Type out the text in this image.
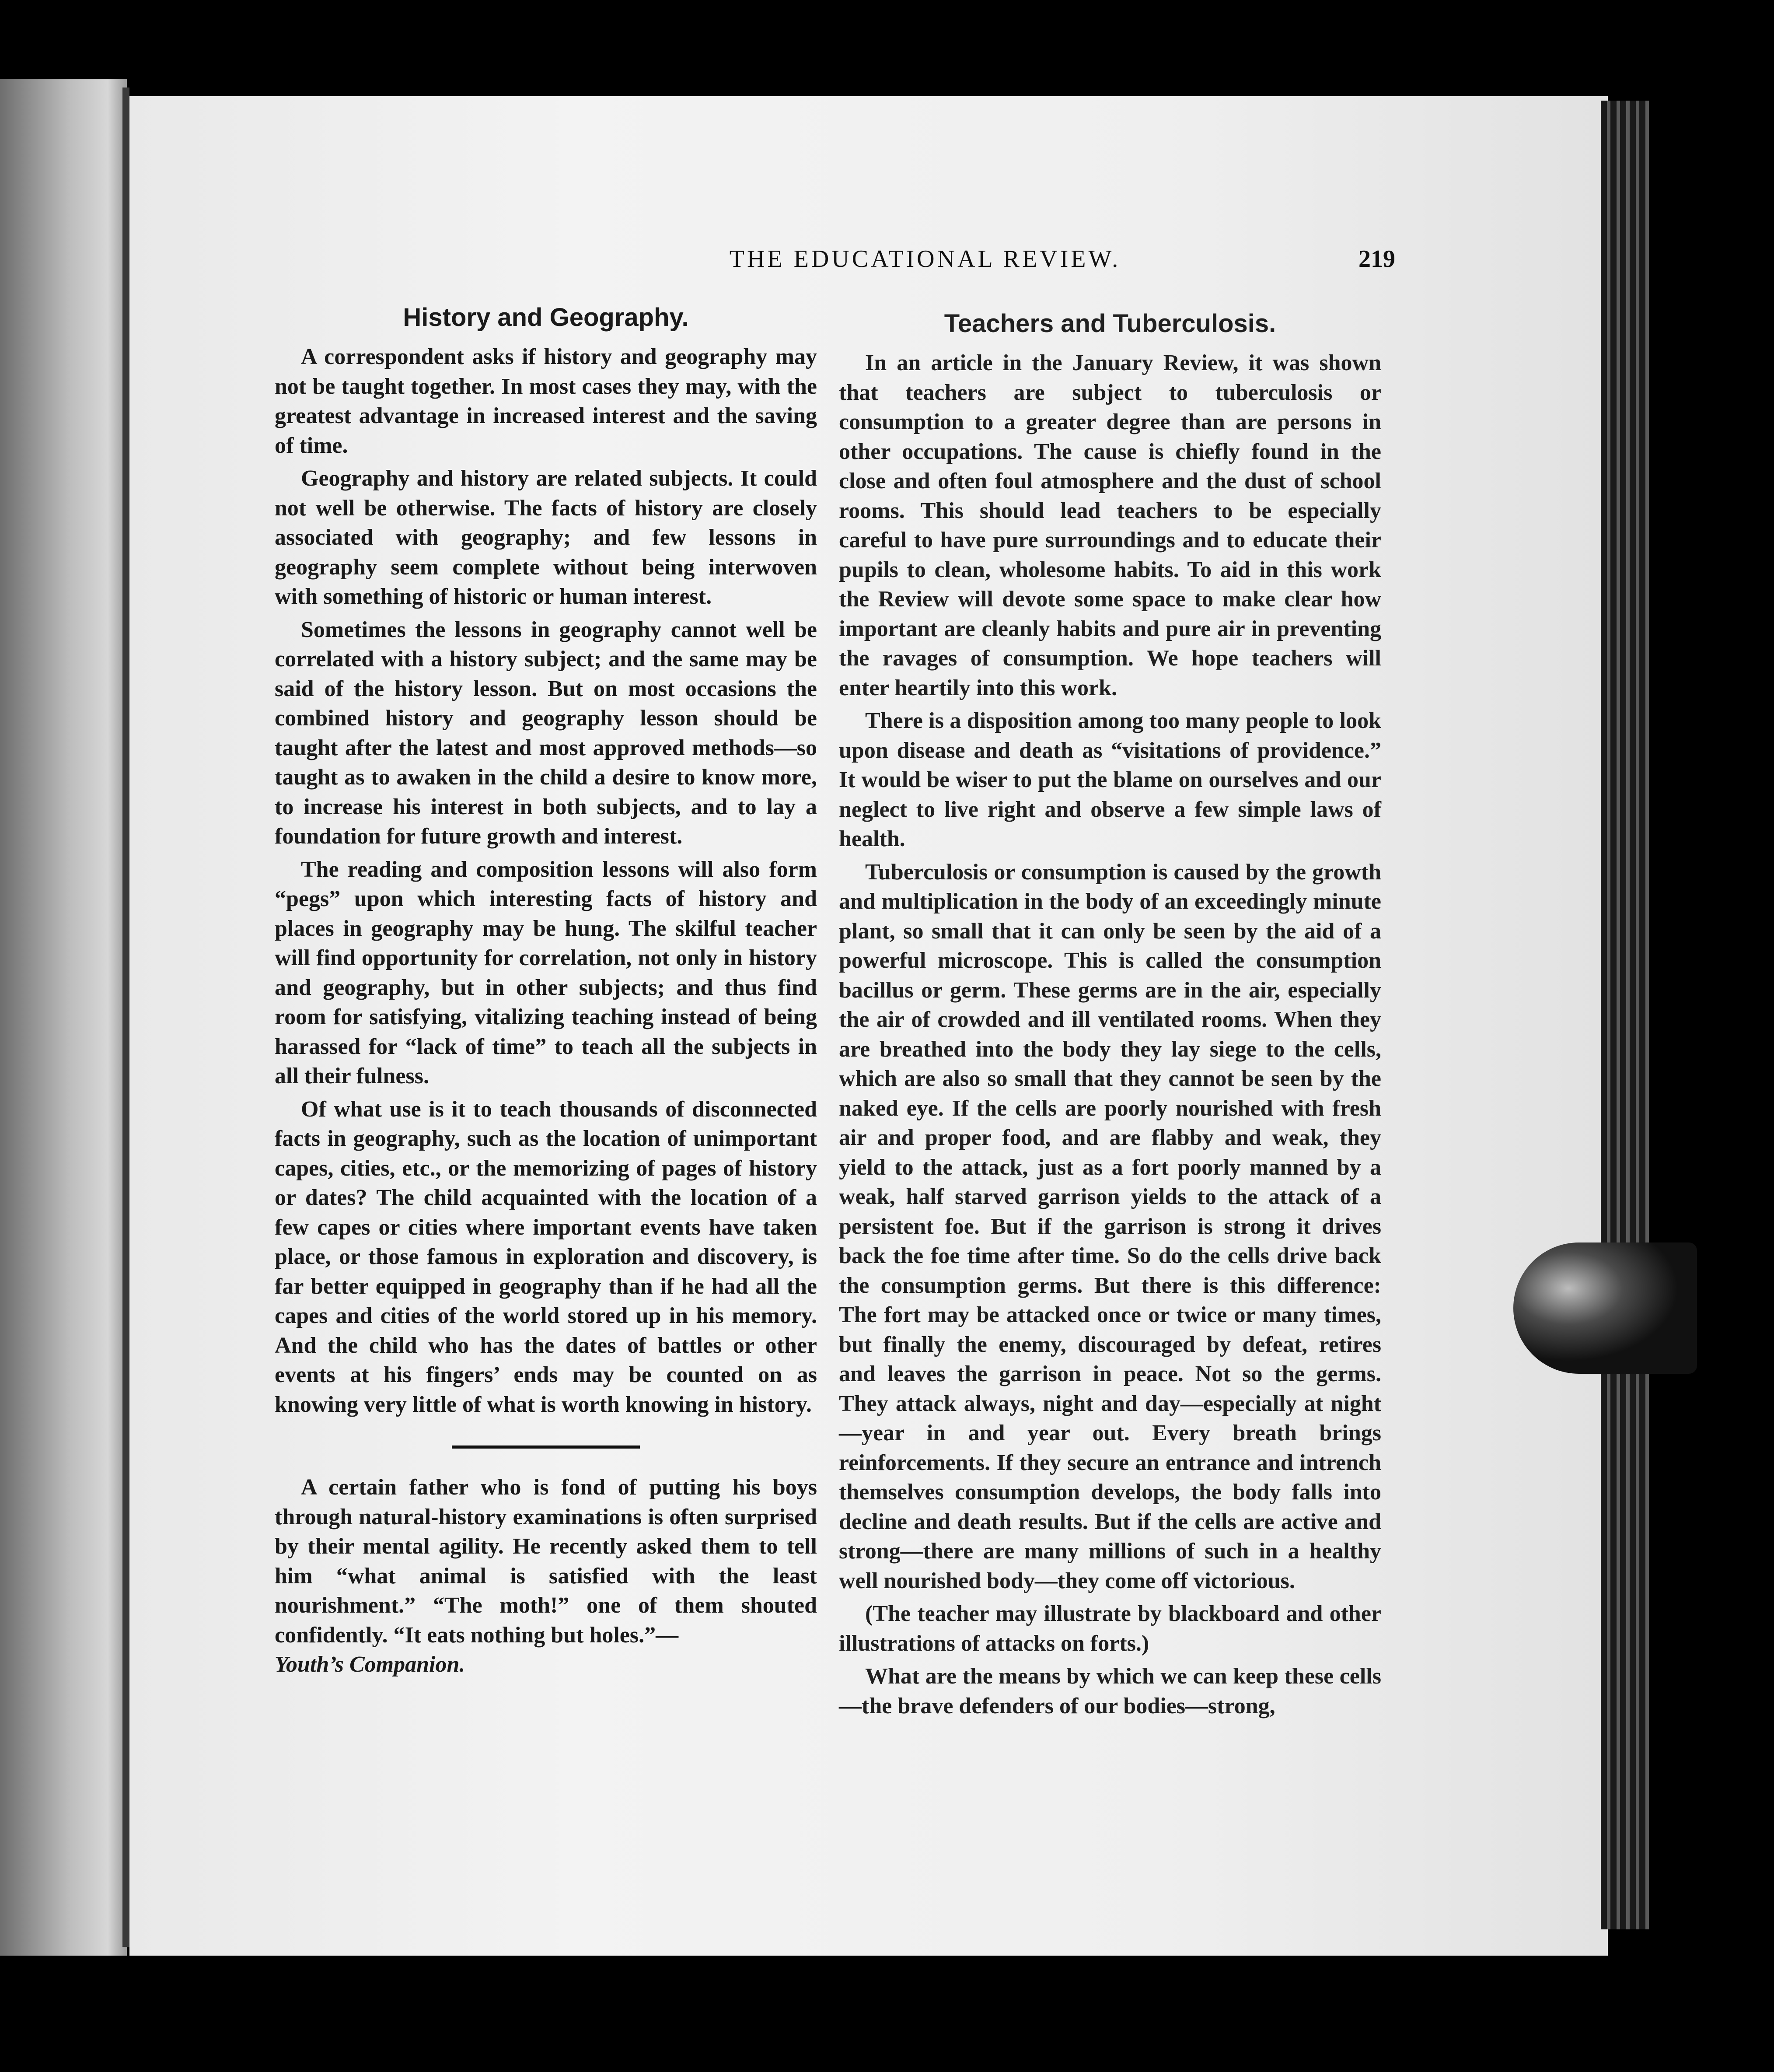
THE EDUCATIONAL REVIEW.	219
History and Geography.

A correspondent asks if history and geography may not be taught together. In most cases they may, with the greatest advantage in increased interest and the saving of time.

Geography and history are related subjects. It could not well be otherwise. The facts of history are closely associated with geography; and few lessons in geography seem complete without being interwoven with something of historic or human interest.

Sometimes the lessons in geography cannot well be correlated with a history subject; and the same may be said of the history lesson. But on most occasions the combined history and geography lesson should be taught after the latest and most approved methods—so taught as to awaken in the child a desire to know more, to increase his interest in both subjects, and to lay a foundation for future growth and interest.

The reading and composition lessons will also form “pegs” upon which interesting facts of history and places in geography may be hung. The skilful teacher will find opportunity for correlation, not only in history and geography, but in other subjects; and thus find room for satisfying, vitalizing teaching instead of being harassed for “lack of time” to teach all the subjects in all their fulness.

Of what use is it to teach thousands of disconnected facts in geography, such as the location of unimportant capes, cities, etc., or the memorizing of pages of history or dates? The child acquainted with the location of a few capes or cities where important events have taken place, or those famous in exploration and discovery, is far better equipped in geography than if he had all the capes and cities of the world stored up in his memory. And the child who has the dates of battles or other events at his fingers’ ends may be counted on as knowing very little of what is worth knowing in history.

A certain father who is fond of putting his boys through natural-history examinations is often surprised by their mental agility. He recently asked them to tell him “what animal is satisfied with the least nourishment.” “The moth!” one of them shouted confidently. “It eats nothing but holes.”—
Youth’s Companion.

Teachers and Tuberculosis.

In an article in the January Review, it was shown that teachers are subject to tuberculosis or consumption to a greater degree than are persons in other occupations. The cause is chiefly found in the close and often foul atmosphere and the dust of school rooms. This should lead teachers to be especially careful to have pure surroundings and to educate their pupils to clean, wholesome habits. To aid in this work the Review will devote some space to make clear how important are cleanly habits and pure air in preventing the ravages of consumption. We hope teachers will enter heartily into this work.

There is a disposition among too many people to look upon disease and death as “visitations of providence.” It would be wiser to put the blame on ourselves and our neglect to live right and observe a few simple laws of health.

Tuberculosis or consumption is caused by the growth and multiplication in the body of an exceedingly minute plant, so small that it can only be seen by the aid of a powerful microscope. This is called the consumption bacillus or germ. These germs are in the air, especially the air of crowded and ill ventilated rooms. When they are breathed into the body they lay siege to the cells, which are also so small that they cannot be seen by the naked eye. If the cells are poorly nourished with fresh air and proper food, and are flabby and weak, they yield to the attack, just as a fort poorly manned by a weak, half starved garrison yields to the attack of a persistent foe. But if the garrison is strong it drives back the foe time after time. So do the cells drive back the consumption germs. But there is this difference: The fort may be attacked once or twice or many times, but finally the enemy, discouraged by defeat, retires and leaves the garrison in peace. Not so the germs. They attack always, night and day—especially at night—year in and year out. Every breath brings reinforcements. If they secure an entrance and intrench themselves consumption develops, the body falls into decline and death results. But if the cells are active and strong—there are many millions of such in a healthy well nourished body—they come off victorious.

(The teacher may illustrate by blackboard and other illustrations of attacks on forts.)

What are the means by which we can keep these cells—the brave defenders of our bodies—strong,
